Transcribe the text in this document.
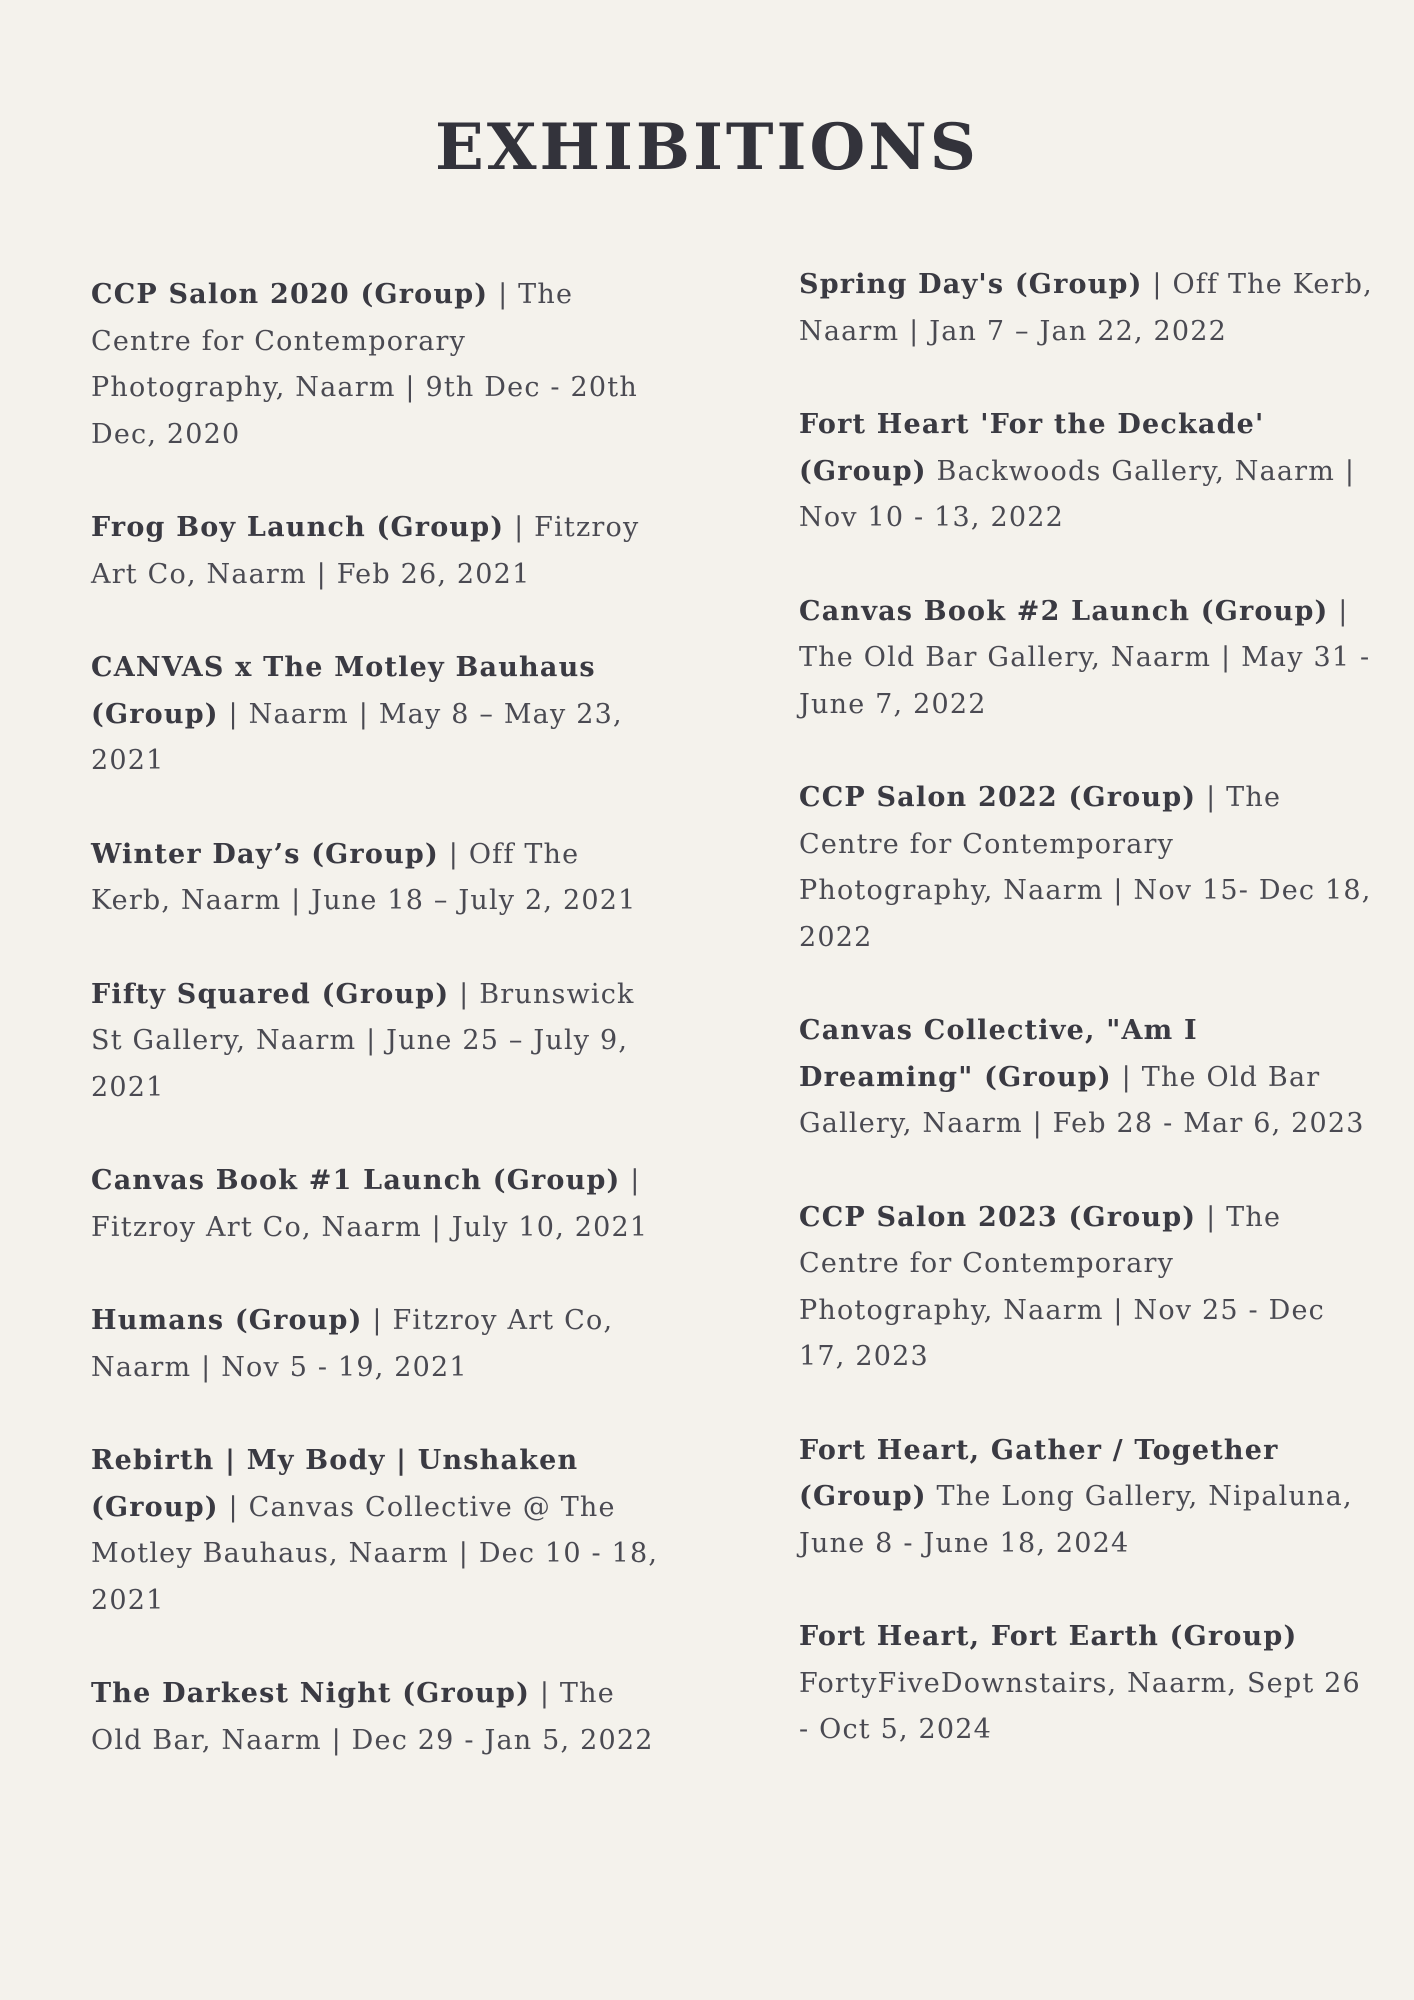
EXHIBITIONS

CCP Salon 2020 (Group) | The Centre for Contemporary Photography, Naarm | 9th Dec - 20th Dec, 2020

Frog Boy Launch (Group) | Fitzroy Art Co, Naarm | Feb 26, 2021

CANVAS x The Motley Bauhaus (Group) | Naarm | May 8 – May 23, 2021

Winter Day’s (Group) | Off The Kerb, Naarm | June 18 – July 2, 2021

Fifty Squared (Group) | Brunswick St Gallery, Naarm | June 25 – July 9, 2021

Canvas Book #1 Launch (Group) | Fitzroy Art Co, Naarm | July 10, 2021

Humans (Group) | Fitzroy Art Co, Naarm | Nov 5 - 19, 2021

Rebirth | My Body | Unshaken (Group) | Canvas Collective @ The Motley Bauhaus, Naarm | Dec 10 - 18, 2021

The Darkest Night (Group) | The Old Bar, Naarm | Dec 29 - Jan 5, 2022

Spring Day's (Group) | Off The Kerb, Naarm | Jan 7 – Jan 22, 2022

Fort Heart 'For the Deckade' (Group) Backwoods Gallery, Naarm | Nov 10 - 13, 2022

Canvas Book #2 Launch (Group) | The Old Bar Gallery, Naarm | May 31 - June 7, 2022

CCP Salon 2022 (Group) | The Centre for Contemporary Photography, Naarm | Nov 15- Dec 18, 2022

Canvas Collective, "Am I Dreaming" (Group) | The Old Bar Gallery, Naarm | Feb 28 - Mar 6, 2023

CCP Salon 2023 (Group) | The Centre for Contemporary Photography, Naarm | Nov 25 - Dec 17, 2023

Fort Heart, Gather / Together (Group) The Long Gallery, Nipaluna, June 8 - June 18, 2024

Fort Heart, Fort Earth (Group) FortyFiveDownstairs, Naarm, Sept 26 - Oct 5, 2024
